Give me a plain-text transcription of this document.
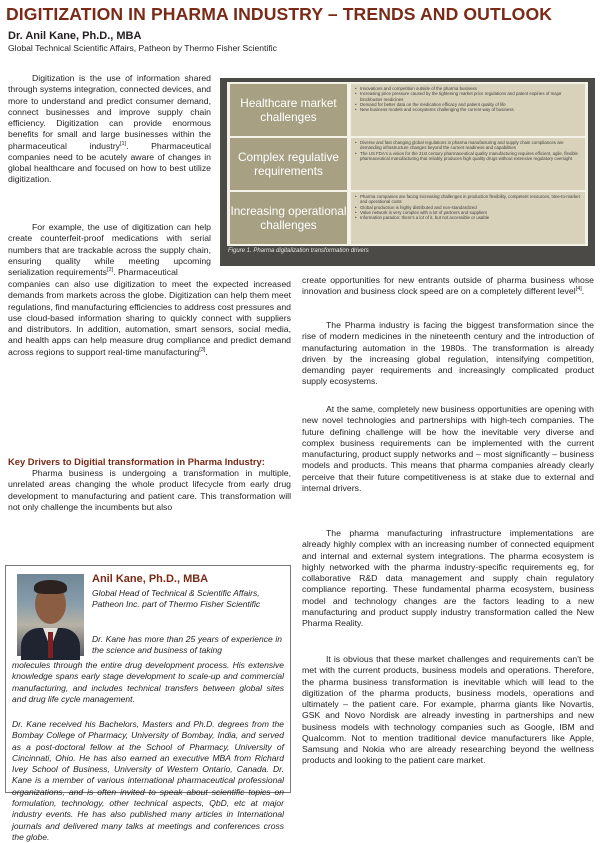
DIGITIZATION IN PHARMA INDUSTRY – TRENDS AND OUTLOOK
Dr. Anil Kane, Ph.D., MBA
Global Technical Scientific Affairs, Patheon by Thermo Fisher Scientific

Digitization is the use of information shared through systems integration, connected devices, and more to understand and predict consumer demand, connect businesses and improve supply chain efficiency. Digitization can provide enormous benefits for small and large businesses within the pharmaceutical industry[1]. Pharmaceutical companies need to be acutely aware of changes in global healthcare and focused on how to best utilize digitization.

For example, the use of digitization can help create counterfeit-proof medications with serial numbers that are trackable across the supply chain, ensuring quality while meeting upcoming serialization requirements[2]. Pharmaceutical

companies can also use digitization to meet the expected increased demands from markets across the globe. Digitization can help them meet regulations, find manufacturing efficiencies to address cost pressures and use cloud-based information sharing to quickly connect with suppliers and distributors. In addition, automation, smart sensors, social media, and health apps can help measure drug compliance and predict demand across regions to support real-time manufacturing[3].

Key Drivers to Digitial transformation in Pharma Industry:

Pharma business is undergoing a transformation in multiple, unrelated areas changing the whole product lifecycle from early drug development to manufacturing and patient care. This transformation will not only challenge the incumbents but also

Healthcare market challenges
• Innovations and competition outside of the pharma business
• Increasing price pressure caused by the tightening market price regulations and patent expiries of major blockbuster medicines
• Demand for better data on the medication efficacy and patient quality of life
• New business models and ecosystems challenging the current way of business
Complex regulative requirements
• Diverse and fast changing global regulations in pharma manufacturing and supply chain compliances are demanding infrastructure changes beyond the current readiness and capabilities
• The US FDA's a vision for the 21st century pharmaceutical quality manufacturing requires efficient, agile, flexible pharmaceutical manufacturing that reliably produces high quality drugs without extensive regulatory oversight
Increasing operational challenges
• Pharma companies are facing increasing challenges in production flexibility, competent resources, time-to-market and operational costs
• Global production is highly distributed and non-standardized
• Value network is very complex with a lot of partners and suppliers
• Information paradox: there's a lot of it, but not accessible or usable
Figure 1. Pharma digitalization transformation drivers
Anil Kane, Ph.D., MBA
Global Head of Technical & Scientific Affairs, Patheon Inc. part of Thermo Fisher Scientific

Dr. Kane has more than 25 years of experience in the science and business of taking

molecules through the entire drug development process. His extensive knowledge spans early stage development to scale-up and commercial manufacturing, and includes technical transfers between global sites and drug life cycle management.

Dr. Kane received his Bachelors, Masters and Ph.D. degrees from the Bombay College of Pharmacy, University of Bombay, India, and served as a post-doctoral fellow at the School of Pharmacy, University of Cincinnati, Ohio. He has also earned an executive MBA from Richard Ivey School of Business, University of Western Ontario, Canada. Dr. Kane is a member of various international pharmaceutical professional organizations, and is often invited to speak about scientific topics on formulation, technology, other technical aspects, QbD, etc at major industry events. He has also published many articles in International journals and delivered many talks at meetings and conferences cross the globe.

create opportunities for new entrants outside of pharma business whose innovation and business clock speed are on a completely different level[4].

The Pharma industry is facing the biggest transformation since the rise of modern medicines in the nineteenth century and the introduction of manufacturing automation in the 1980s. The transformation is already driven by the increasing global regulation, intensifying competition, demanding payer requirements and increasingly complicated product supply ecosystems.

At the same, completely new business opportunities are opening with new novel technologies and partnerships with high-tech companies. The future defining challenge will be how the inevitable very diverse and complex business requirements can be implemented with the current manufacturing, product supply networks and – most significantly – business models and products. This means that pharma companies already clearly perceive that their future competitiveness is at stake due to external and internal drivers.

The pharma manufacturing infrastructure implementations are already highly complex with an increasing number of connected equipment and internal and external system integrations. The pharma ecosystem is highly networked with the pharma industry-specific requirements eg, for collaborative R&D data management and supply chain regulatory compliance reporting. These fundamental pharma ecosystem, business model and technology changes are the factors leading to a new manufacturing and product supply industry transformation called the New Pharma Reality.

It is obvious that these market challenges and requirements can't be met with the current products, business models and operations. Therefore, the pharma business transformation is inevitable which will lead to the digitization of the pharma products, business models, operations and ultimately – the patient care. For example, pharma giants like Novartis, GSK and Novo Nordisk are already investing in partnerships and new business models with technology companies such as Google, IBM and Qualcomm. Not to mention traditional device manufacturers like Apple, Samsung and Nokia who are already researching beyond the wellness products and looking to the patient care market.
